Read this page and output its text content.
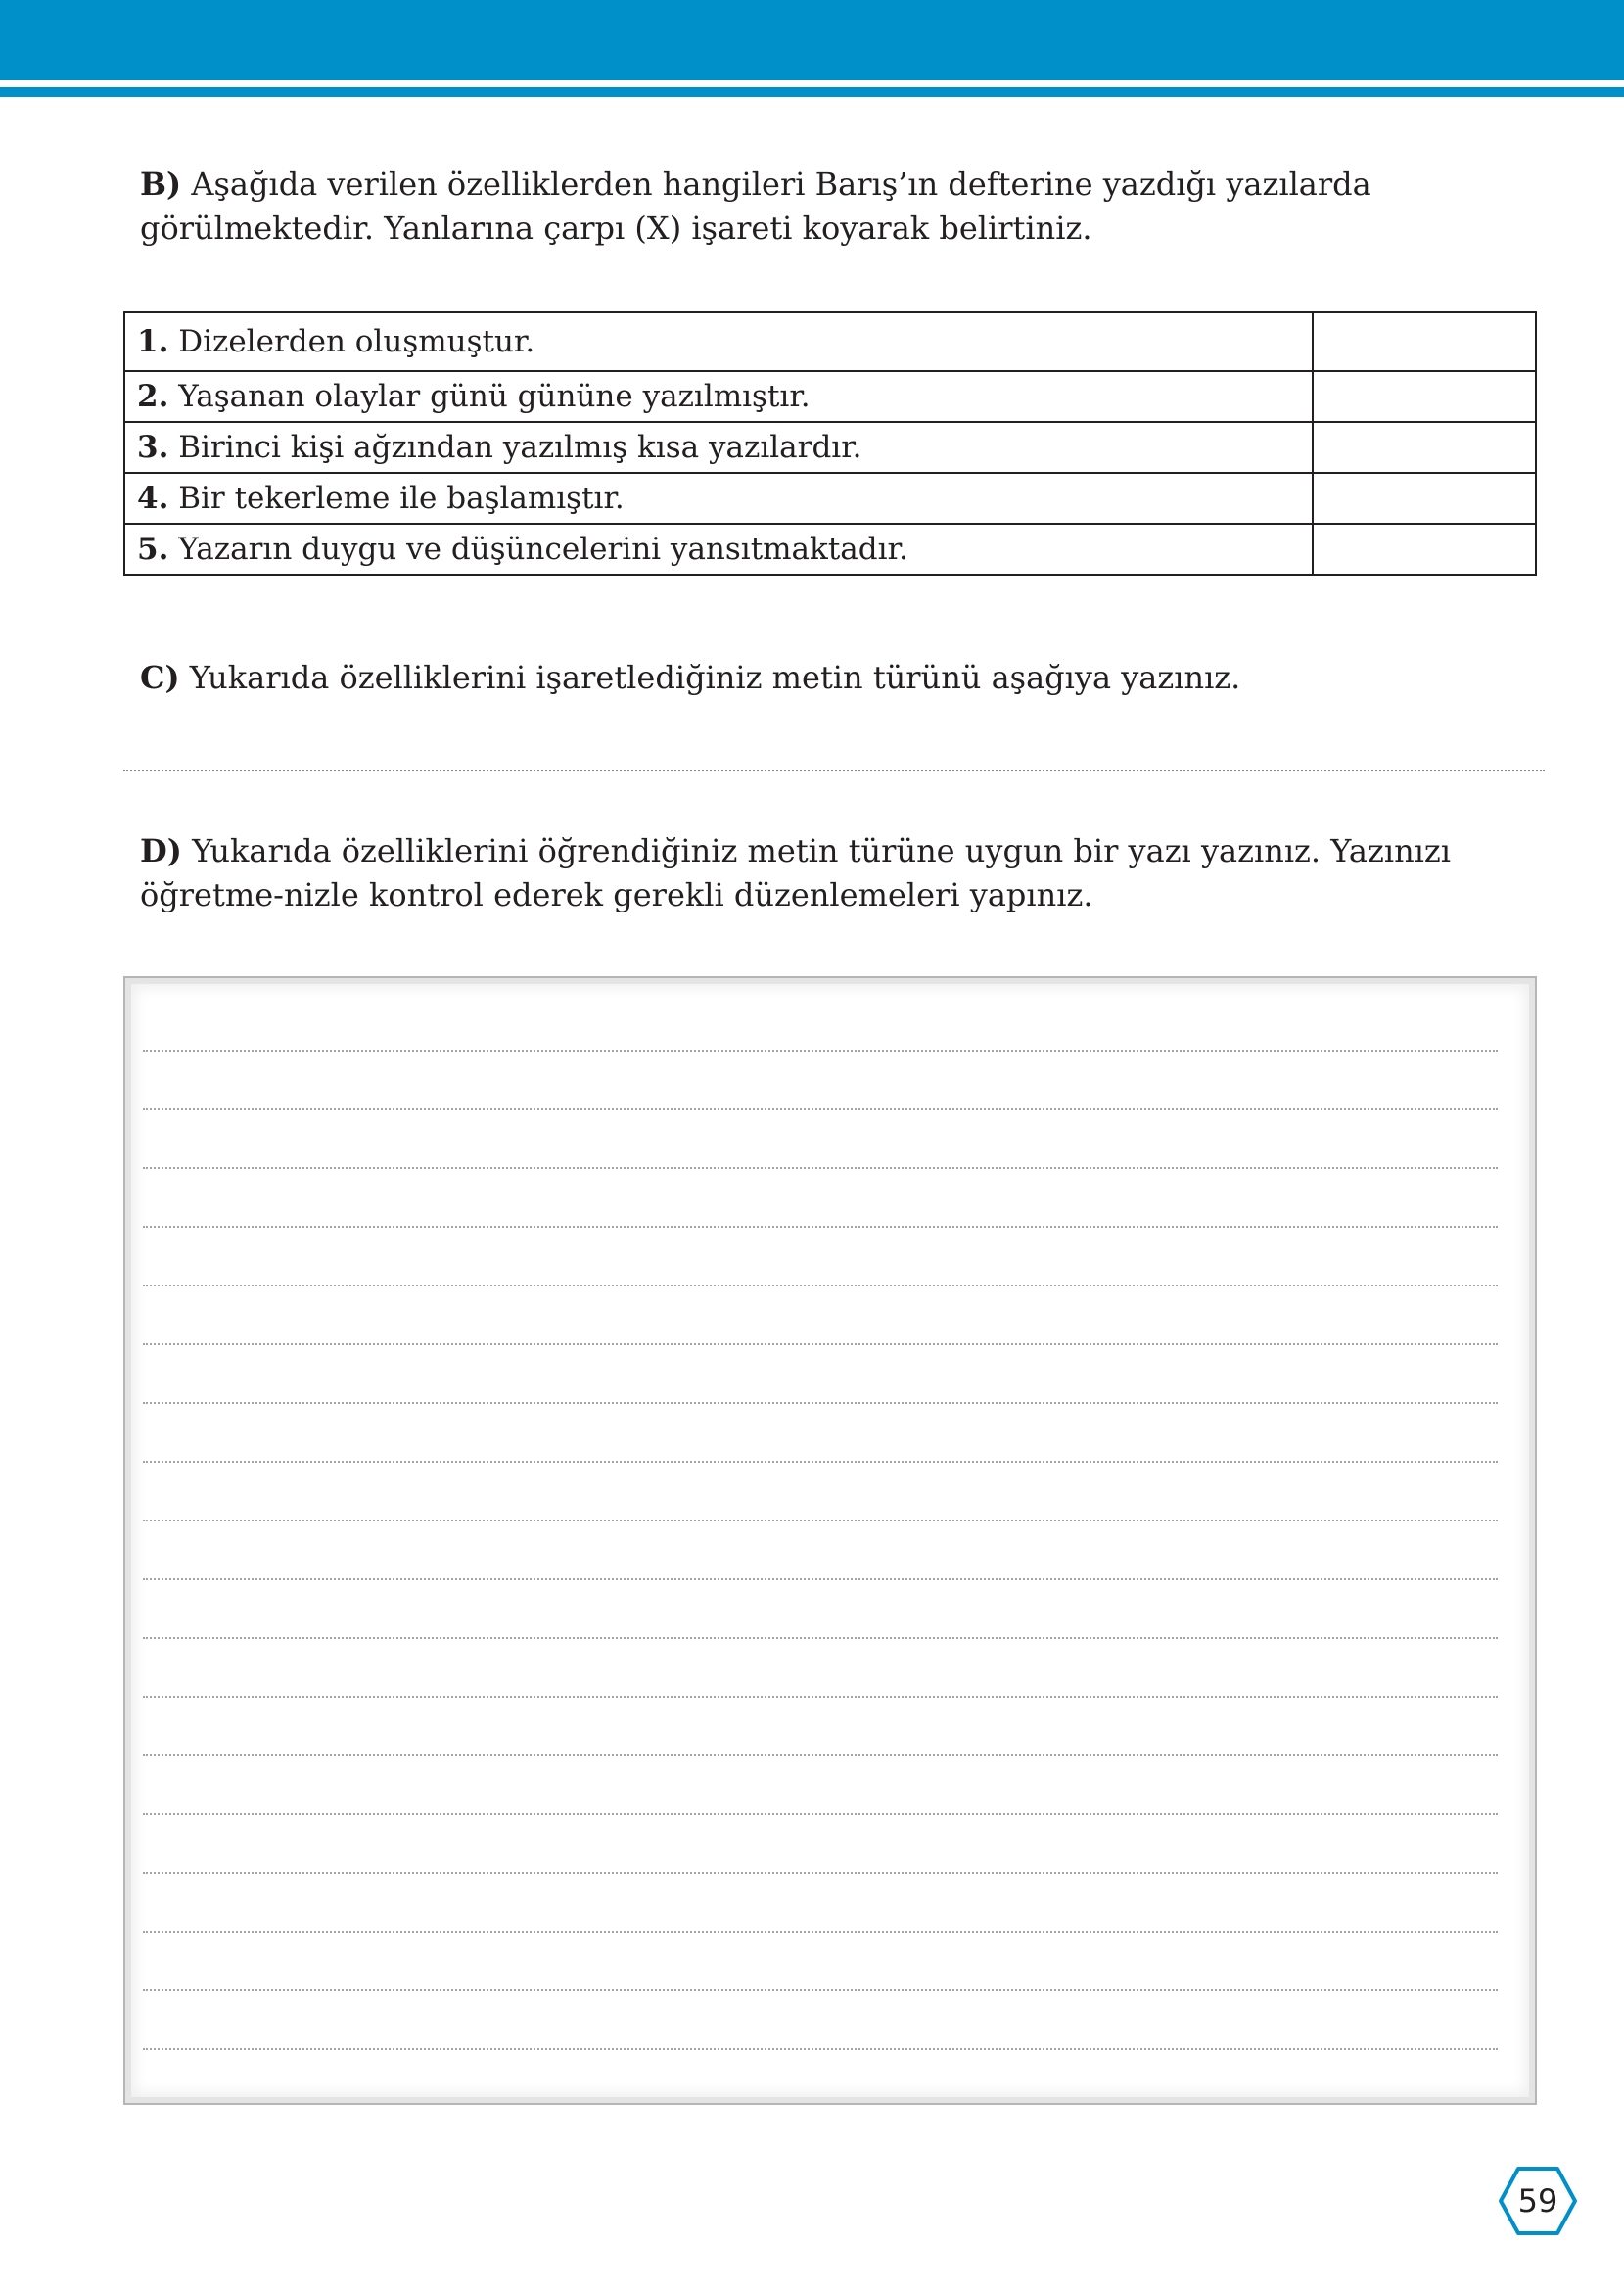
B) Aşağıda verilen özelliklerden hangileri Barış’ın defterine yazdığı yazılarda görülmektedir. Yanlarına çarpı (X) işareti koyarak belirtiniz.
1. Dizelerden oluşmuştur.	
2. Yaşanan olaylar günü gününe yazılmıştır.	
3. Birinci kişi ağzından yazılmış kısa yazılardır.	
4. Bir tekerleme ile başlamıştır.	
5. Yazarın duygu ve düşüncelerini yansıtmaktadır.	
C) Yukarıda özelliklerini işaretlediğiniz metin türünü aşağıya yazınız.
D) Yukarıda özelliklerini öğrendiğiniz metin türüne uygun bir yazı yazınız. Yazınızı öğretme-nizle kontrol ederek gerekli düzenlemeleri yapınız.
59
